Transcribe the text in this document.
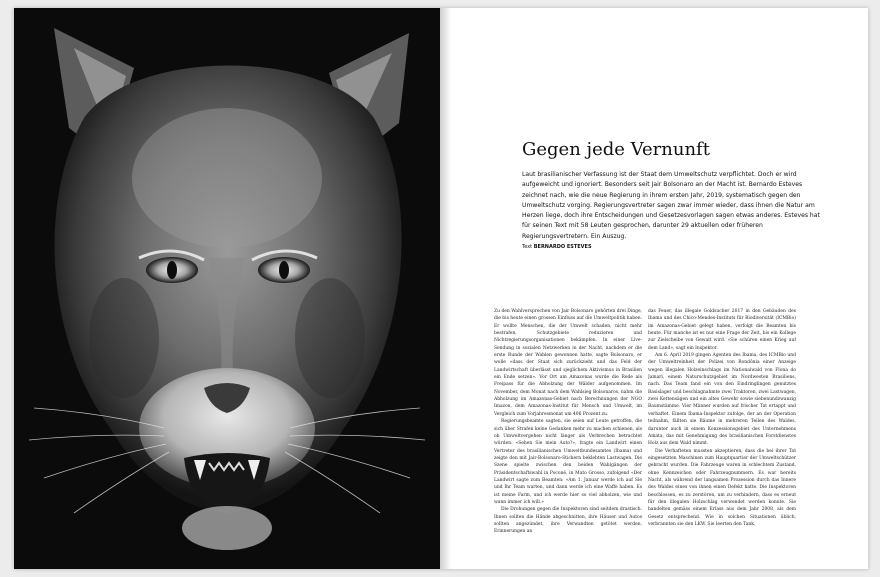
Gegen jede Vernunft
Laut brasilianischer Verfassung ist der Staat dem Umweltschutz verpflichtet. Doch er wird aufgeweicht und ignoriert. Besonders seit Jair Bolsonaro an der Macht ist. Bernardo Esteves zeichnet nach, wie die neue Regierung in ihrem ersten Jahr, 2019, systematisch gegen den Umweltschutz vorging. Regierungsvertreter sagen zwar immer wieder, dass ihnen die Natur am Herzen liege, doch ihre Entscheidungen und Gesetzesvorlagen sagen etwas anderes. Esteves hat für seinen Text mit 58 Leuten gesprochen, darunter 29 aktuellen oder früheren Regierungsvertretern. Ein Auszug.
Text BERNARDO ESTEVES

Zu den Wahlversprechen von Jair Bolsonaro gehörten drei Dinge, die bis heute einen grossen Einfluss auf die Umweltpolitik haben. Er wollte Menschen, die der Umwelt schaden, nicht mehr bestrafen, Schutzgebiete reduzieren und Nichtregierungsorganisationen bekämpfen. In einer Live-Sendung in sozialen Netzwerken in der Nacht, nachdem er die erste Runde der Wahlen gewonnen hatte, sagte Bolsonaro, er wolle «dass der Staat sich zurückzieht und das Feld der Landwirtschaft überlässt und sjeglichem Aktivismus in Brasilien ein Ende setzen». Vor Ort am Amazonas wurde die Rede als Freipass für die Abholzung der Wälder aufgenommen. Im November, dem Monat nach dem Wahlsieg Bolsonaros, nahm die Abholzung im Amazonas-Gebiet nach Berechnungen der NGO Imazon, dem Amazonas-Institut für Mensch und Umwelt, im Vergleich zum Vorjahresmonat um 406 Prozent zu.

Regierungsbeamte sagten, sie seien auf Leute getroffen, die sich über Strafen keine Gedanken mehr zu machen schienen, als ob Umweltvergehen nicht länger als Verbrechen betrachtet würden. «Sehen Sie mein Auto?», fragte ein Landwirt einen Vertreter des brasilianischen Umweltbundesamtes (Ibama) und zeigte den mit Jair-Bolsonaro-Stickern beklebten Lastwagen. Die Szene spielte zwischen den beiden Wahlgängen der Präsidentschaftswahl in Poconé, in Mato Grosso, zufolgend «Der Landwirt sagte zum Beamten: «Am 1. Januar werde ich auf Sie und Ihr Team warten, und dann werde ich eine Waffe haben. Es ist meine Farm, und ich werde hier so viel abholzen, wie und wann immer ich will.»

Die Drohungen gegen die Inspektoren sind seitdem drastisch. Ihnen sollten die Hände abgeschnitten, ihre Häuser und Autos sollten angezündet, ihre Verwandten getötet werden. Erinnerungen an

das Feuer, das illegale Goldsucher 2017 in den Gebäuden des Ibama und des Chico-Mendes-Instituts für Biodiversität (ICMBio) im Amazonas-Gebiet gelegt haben, verfolgt die Beamten bis heute. Für manche ist es nur eine Frage der Zeit, bis ein Kollege zur Zielscheibe von Gewalt wird. «Sie schüren einen Krieg auf dem Land», sagt ein Inspektor.

Am 6. April 2019 gingen Agenten des Ibama, des ICMBio und der Umweltreinheit der Polizei von Rondônia einer Anzeige wegen illegalen Holzeinschlags im Nationalwald von Flona do Jamari, einem Naturschutzgebiet im Nordwesten Brasiliens, nach. Das Team fand ein von den Eindringlingen genutztes Basislager und beschlagnahmte zwei Traktoren, zwei Lastwagen, zwei Kettensägen und ein altes Gewehr sowie siebenundzwanzig Baumstämme. Vier Männer wurden auf frischer Tat ertappt und verhaftet. Einem Ibama-Inspektor zufolge, der an der Operation teilnahm, fällten sie Bäume in mehreren Teilen des Waldes, darunter auch in einem Konzessionsgebiet des Unternehmens Amata, das mit Genehmigung des brasilianischen Forstdienstes Holz aus dem Wald nimmt.

Die Verhafteten mussten akzeptieren, dass die bei ihrer Tat eingesetzten Maschinen zum Hauptquartier der Umweltschützer gebracht wurden. Die Fahrzeuge waren in schlechtem Zustand, ohne Kennzeichen oder Fahrzeugnummern. Es war bereits Nacht, als während der langsamen Prozession durch das Innere des Waldes eines von ihnen einen Defekt hatte. Die Inspektoren beschlossen, es zu zerstören, um zu verhindern, dass es erneut für den illegalen Holzschlag verwendet werden konnte. Sie handelten gemäss einem Erlass aus dem Jahr 2008, als dem Gesetz entsprechend. Wie in solchen Situationen üblich, verbrannten sie den LKW. Sie leerten den Tank,
